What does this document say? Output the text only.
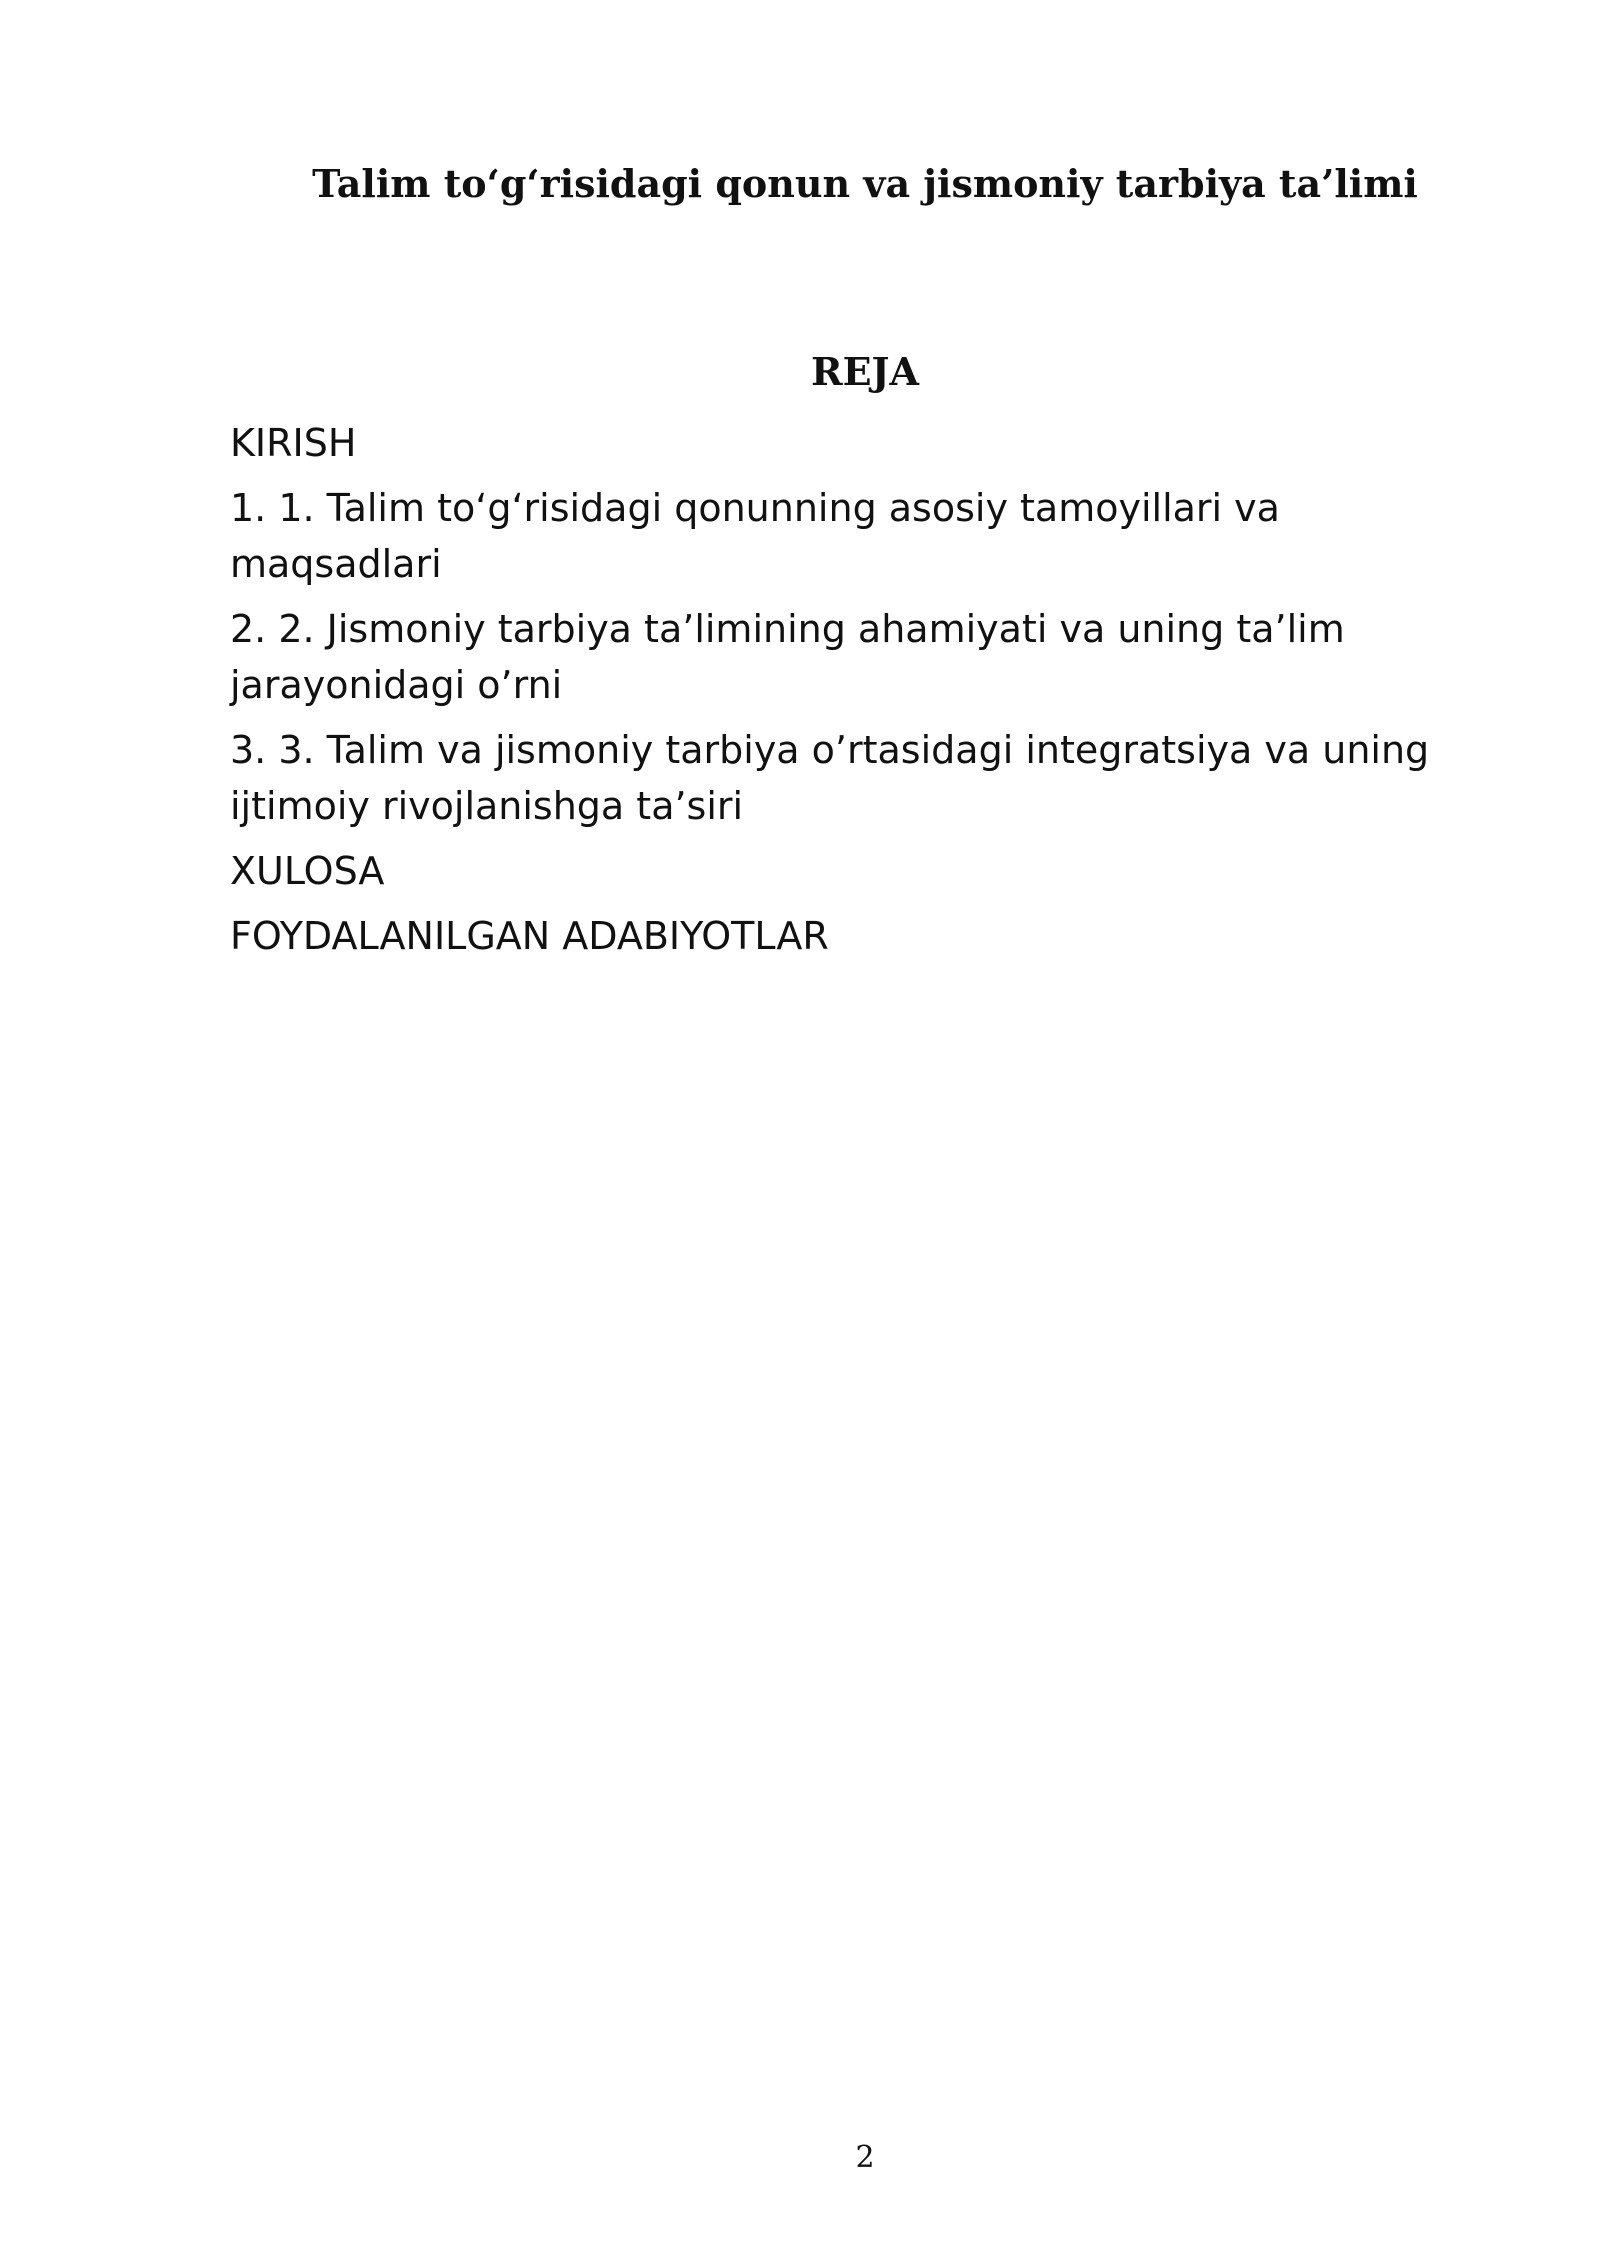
Talim to‘g‘risidagi qonun va jismoniy tarbiya ta’limi
REJA
KIRISH
1. 1. Talim to‘g‘risidagi qonunning asosiy tamoyillari va maqsadlari
2. 2. Jismoniy tarbiya ta’limining ahamiyati va uning ta’lim jarayonidagi o’rni
3. 3. Talim va jismoniy tarbiya o’rtasidagi integratsiya va uning ijtimoiy rivojlanishga ta’siri
XULOSA
FOYDALANILGAN ADABIYOTLAR
2
